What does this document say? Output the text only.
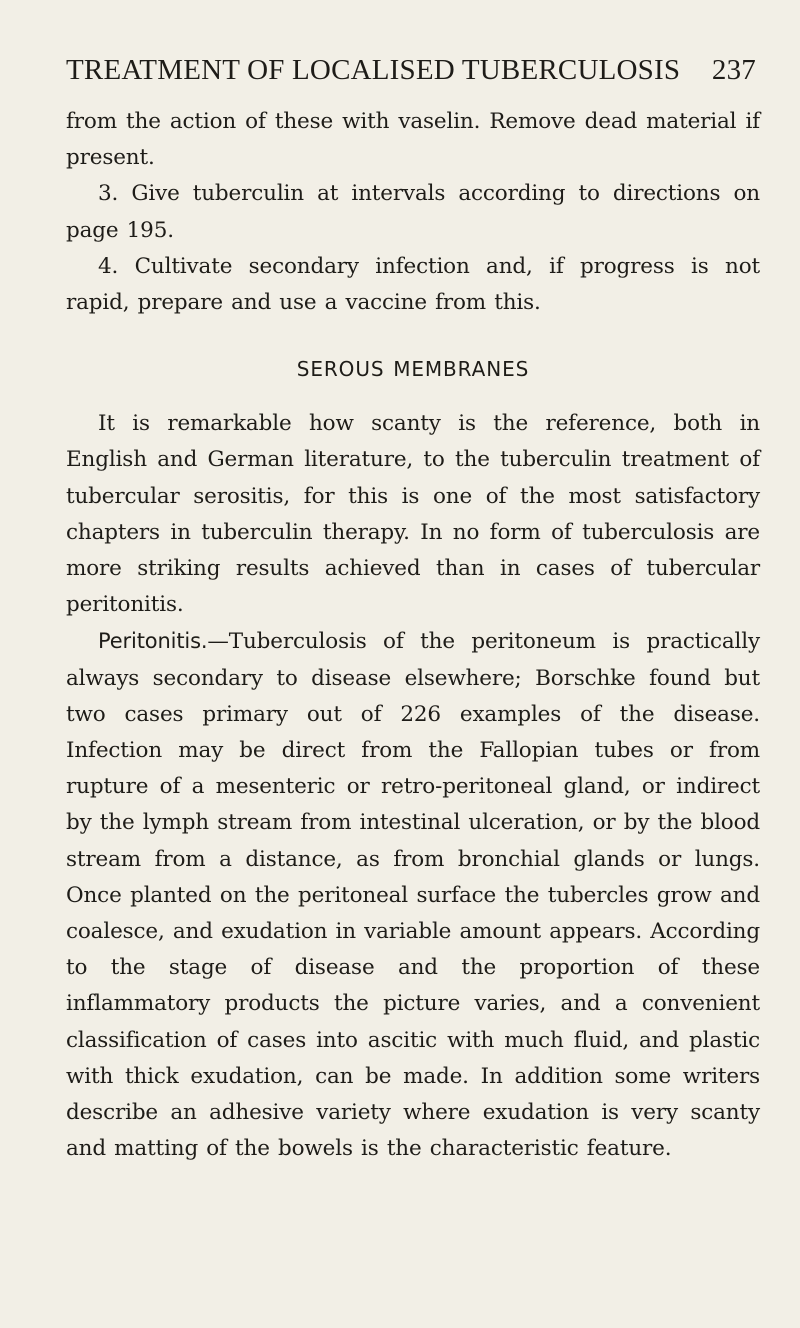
TREATMENT OF LOCALISED TUBERCULOSIS 237

from the action of these with vaselin. Remove dead material if present.

3. Give tuberculin at intervals according to directions on page 195.

4. Cultivate secondary infection and, if progress is not rapid, prepare and use a vaccine from this.

SEROUS MEMBRANES

It is remarkable how scanty is the reference, both in English and German literature, to the tuberculin treatment of tubercular serositis, for this is one of the most satisfactory chapters in tuberculin therapy. In no form of tuberculosis are more striking results achieved than in cases of tubercular peritonitis.

Peritonitis.—Tuberculosis of the peritoneum is practically always secondary to disease elsewhere; Borschke found but two cases primary out of 226 examples of the disease. Infection may be direct from the Fallopian tubes or from rupture of a mesenteric or retro-peritoneal gland, or indirect by the lymph stream from intestinal ulceration, or by the blood stream from a distance, as from bronchial glands or lungs. Once planted on the peritoneal surface the tubercles grow and coalesce, and exudation in variable amount appears. According to the stage of disease and the proportion of these inflammatory products the picture varies, and a convenient classification of cases into ascitic with much fluid, and plastic with thick exudation, can be made. In addition some writers describe an adhesive variety where exudation is very scanty and matting of the bowels is the characteristic feature.
